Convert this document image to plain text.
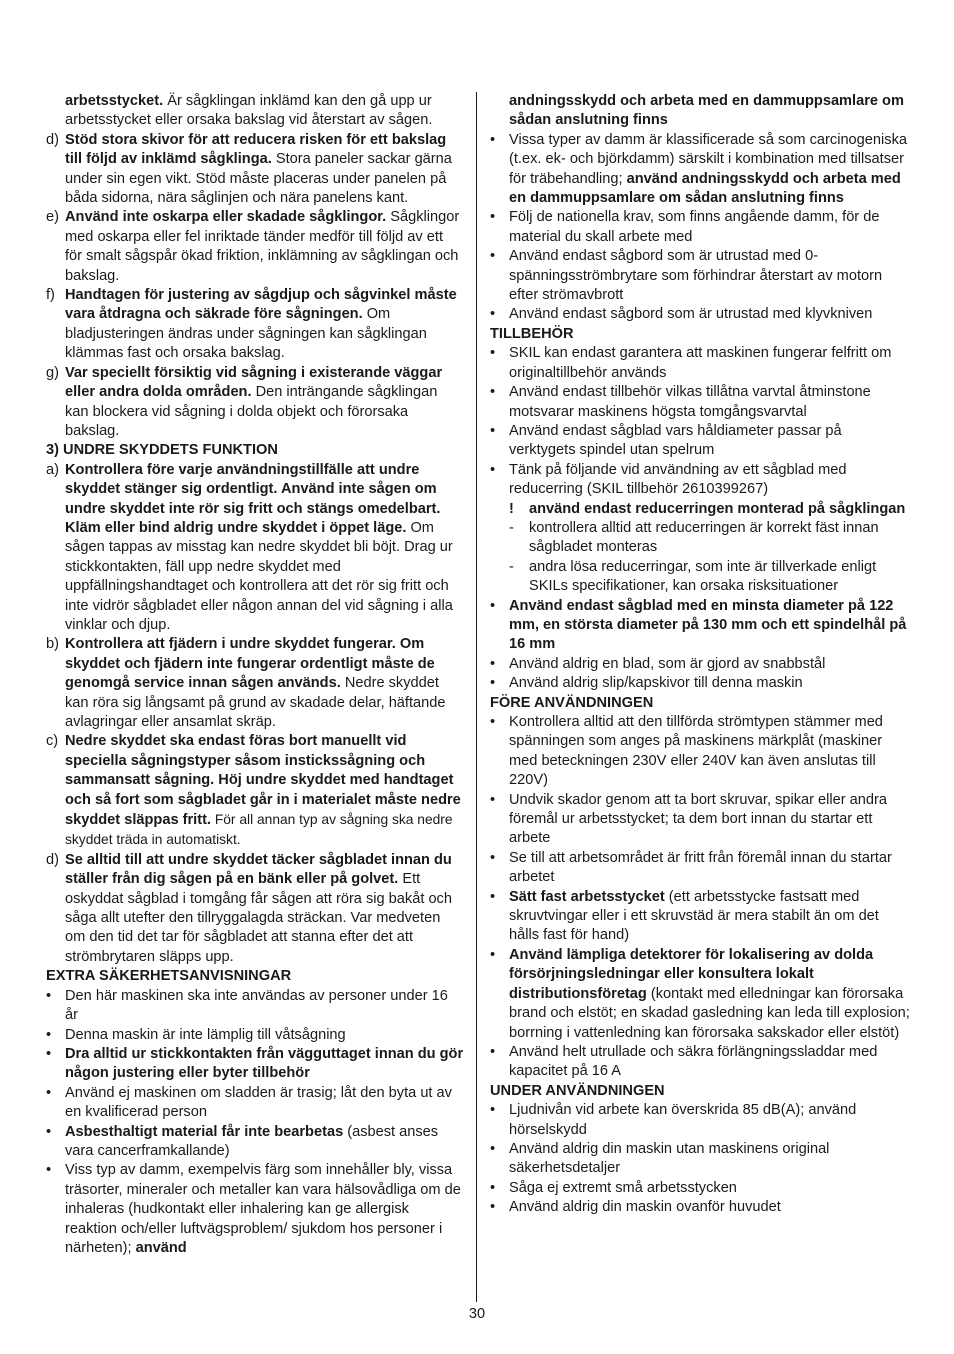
arbetsstycket. Är sågklingan inklämd kan den gå upp ur arbetsstycket eller orsaka bakslag vid återstart av sågen.
d) Stöd stora skivor för att reducera risken för ett bakslag till följd av inklämd sågklinga. Stora paneler sackar gärna under sin egen vikt. Stöd måste placeras under panelen på båda sidorna, nära såglinjen och nära panelens kant.
e) Använd inte oskarpa eller skadade sågklingor. Sågklingor med oskarpa eller fel inriktade tänder medför till följd av ett för smalt sågspår ökad friktion, inklämning av sågklingan och bakslag.
f) Handtagen för justering av sågdjup och sågvinkel måste vara åtdragna och säkrade före sågningen. Om bladjusteringen ändras under sågningen kan sågklingan klämmas fast och orsaka bakslag.
g) Var speciellt försiktig vid sågning i existerande väggar eller andra dolda områden. Den inträngande sågklingan kan blockera vid sågning i dolda objekt och förorsaka bakslag.
3) UNDRE SKYDDETS FUNKTION
a) Kontrollera före varje användningstillfälle att undre skyddet stänger sig ordentligt. Använd inte sågen om undre skyddet inte rör sig fritt och stängs omedelbart. Kläm eller bind aldrig undre skyddet i öppet läge. Om sågen tappas av misstag kan nedre skyddet bli böjt. Drag ur stickkontakten, fäll upp nedre skyddet med uppfällningshandtaget och kontrollera att det rör sig fritt och inte vidrör sågbladet eller någon annan del vid sågning i alla vinklar och djup.
b) Kontrollera att fjädern i undre skyddet fungerar. Om skyddet och fjädern inte fungerar ordentligt måste de genomgå service innan sågen används. Nedre skyddet kan röra sig långsamt på grund av skadade delar, häftande avlagringar eller ansamlat skräp.
c) Nedre skyddet ska endast föras bort manuellt vid speciella sågningstyper såsom instickssågning och sammansatt sågning. Höj undre skyddet med handtaget och så fort som sågbladet går in i materialet måste nedre skyddet släppas fritt. För all annan typ av sågning ska nedre skyddet träda in automatiskt.
d) Se alltid till att undre skyddet täcker sågbladet innan du ställer från dig sågen på en bänk eller på golvet. Ett oskyddat sågblad i tomgång får sågen att röra sig bakåt och såga allt utefter den tillryggalagda sträckan. Var medveten om den tid det tar för sågbladet att stanna efter det att strömbrytaren släpps upp.
EXTRA SÄKERHETSANVISNINGAR
• Den här maskinen ska inte användas av personer under 16 år
• Denna maskin är inte lämplig till våtsågning
• Dra alltid ur stickkontakten från vägguttaget innan du gör någon justering eller byter tillbehör
• Använd ej maskinen om sladden är trasig; låt den byta ut av en kvalificerad person
• Asbesthaltigt material får inte bearbetas (asbest anses vara cancerframkallande)
• Viss typ av damm, exempelvis färg som innehåller bly, vissa träsorter, mineraler och metaller kan vara hälsovådliga om de inhaleras (hudkontakt eller inhalering kan ge allergisk reaktion och/eller luftvägsproblem/ sjukdom hos personer i närheten); använd
andningsskydd och arbeta med en dammuppsamlare om sådan anslutning finns
• Vissa typer av damm är klassificerade så som carcinogeniska (t.ex. ek- och björkdamm) särskilt i kombination med tillsatser för träbehandling; använd andningsskydd och arbeta med en dammuppsamlare om sådan anslutning finns
• Följ de nationella krav, som finns angående damm, för de material du skall arbete med
• Använd endast sågbord som är utrustad med 0-spänningsströmbrytare som förhindrar återstart av motorn efter strömavbrott
• Använd endast sågbord som är utrustad med klyvkniven
TILLBEHÖR
• SKIL kan endast garantera att maskinen fungerar felfritt om originaltillbehör används
• Använd endast tillbehör vilkas tillåtna varvtal åtminstone motsvarar maskinens högsta tomgångsvarvtal
• Använd endast sågblad vars håldiameter passar på verktygets spindel utan spelrum
• Tänk på följande vid användning av ett sågblad med reducerring (SKIL tillbehör 2610399267)
!	använd endast reducerringen monterad på sågklingan
-	kontrollera alltid att reducerringen är korrekt fäst innan sågbladet monteras
-	andra lösa reducerringar, som inte är tillverkade enligt SKILs specifikationer, kan orsaka risksituationer
• Använd endast sågblad med en minsta diameter på 122 mm, en största diameter på 130 mm och ett spindelhål på 16 mm
• Använd aldrig en blad, som är gjord av snabbstål
• Använd aldrig slip/kapskivor till denna maskin
FÖRE ANVÄNDNINGEN
• Kontrollera alltid att den tillförda strömtypen stämmer med spänningen som anges på maskinens märkplåt (maskiner med beteckningen 230V eller 240V kan även anslutas till 220V)
• Undvik skador genom att ta bort skruvar, spikar eller andra föremål ur arbetsstycket; ta dem bort innan du startar ett arbete
• Se till att arbetsområdet är fritt från föremål innan du startar arbetet
• Sätt fast arbetsstycket (ett arbetsstycke fastsatt med skruvtvingar eller i ett skruvstäd är mera stabilt än om det hålls fast för hand)
• Använd lämpliga detektorer för lokalisering av dolda försörjningsledningar eller konsultera lokalt distributionsföretag (kontakt med elledningar kan förorsaka brand och elstöt; en skadad gasledning kan leda till explosion; borrning i vattenledning kan förorsaka sakskador eller elstöt)
• Använd helt utrullade och säkra förlängningssladdar med kapacitet på 16 A
UNDER ANVÄNDNINGEN
• Ljudnivån vid arbete kan överskrida 85 dB(A); använd hörselskydd
• Använd aldrig din maskin utan maskinens original säkerhetsdetaljer
• Såga ej extremt små arbetsstycken
• Använd aldrig din maskin ovanför huvudet
30
